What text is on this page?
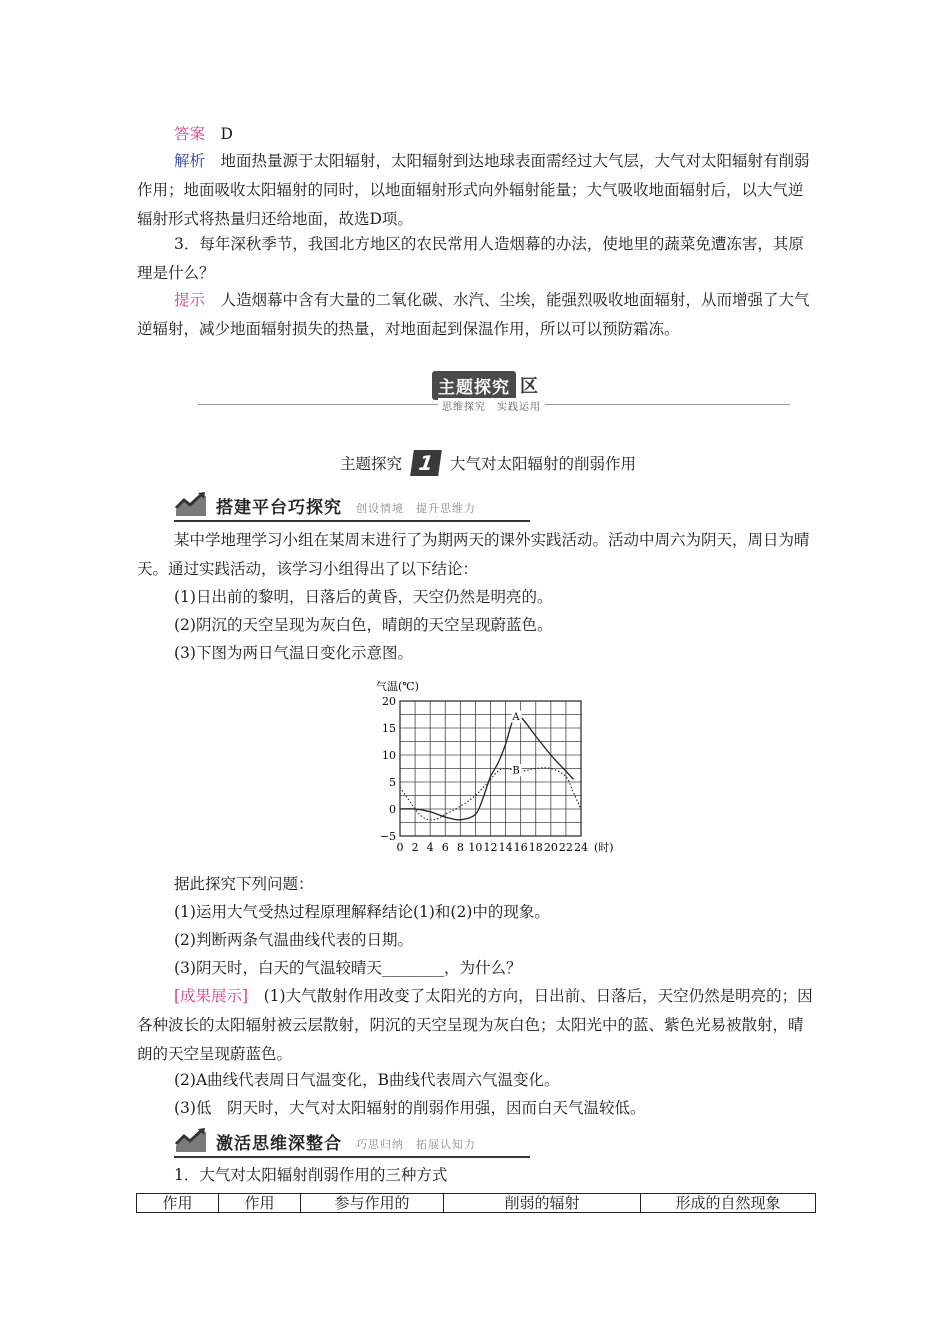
答案　 D

解析　 地面热量源于太阳辐射，太阳辐射到达地球表面需经过大气层，大气对太阳辐射有削弱作用；地面吸收太阳辐射的同时，以地面辐射形式向外辐射能量；大气吸收地面辐射后，以大气逆辐射形式将热量归还给地面，故选D项。

3．每年深秋季节，我国北方地区的农民常用人造烟幕的办法，使地里的蔬菜免遭冻害，其原理是什么？

提示　 人造烟幕中含有大量的二氧化碳、水汽、尘埃，能强烈吸收地面辐射，从而增强了大气逆辐射，减少地面辐射损失的热量，对地面起到保温作用，所以可以预防霜冻。

主题探究 区
思维探究　实践运用
主题探究 1 大气对太阳辐射的削弱作用
搭建平台巧探究 创设情境　提升思维力

某中学地理学习小组在某周末进行了为期两天的课外实践活动。活动中周六为阴天，周日为晴天。通过实践活动，该学习小组得出了以下结论：

(1)日出前的黎明，日落后的黄昏，天空仍然是明亮的。

(2)阴沉的天空呈现为灰白色，晴朗的天空呈现蔚蓝色。

(3)下图为两日气温日变化示意图。

−5
0
5
10
15
20
0 2 4 6 8 10 12 14 16 18 20 22 24 (时)
气温(℃)
A
B

据此探究下列问题：

(1)运用大气受热过程原理解释结论(1)和(2)中的现象。

(2)判断两条气温曲线代表的日期。

(3)阴天时，白天的气温较晴天________，为什么？

[成果展示]　 (1)大气散射作用改变了太阳光的方向，日出前、日落后，天空仍然是明亮的；因各种波长的太阳辐射被云层散射，阴沉的天空呈现为灰白色；太阳光中的蓝、紫色光易被散射，晴朗的天空呈现蔚蓝色。

(2)A曲线代表周日气温变化，B曲线代表周六气温变化。

(3)低　阴天时，大气对太阳辐射的削弱作用强，因而白天气温较低。

激活思维深整合 巧思归纳　拓展认知力

1．大气对太阳辐射削弱作用的三种方式

作用	作用	参与作用的	削弱的辐射	形成的自然现象
